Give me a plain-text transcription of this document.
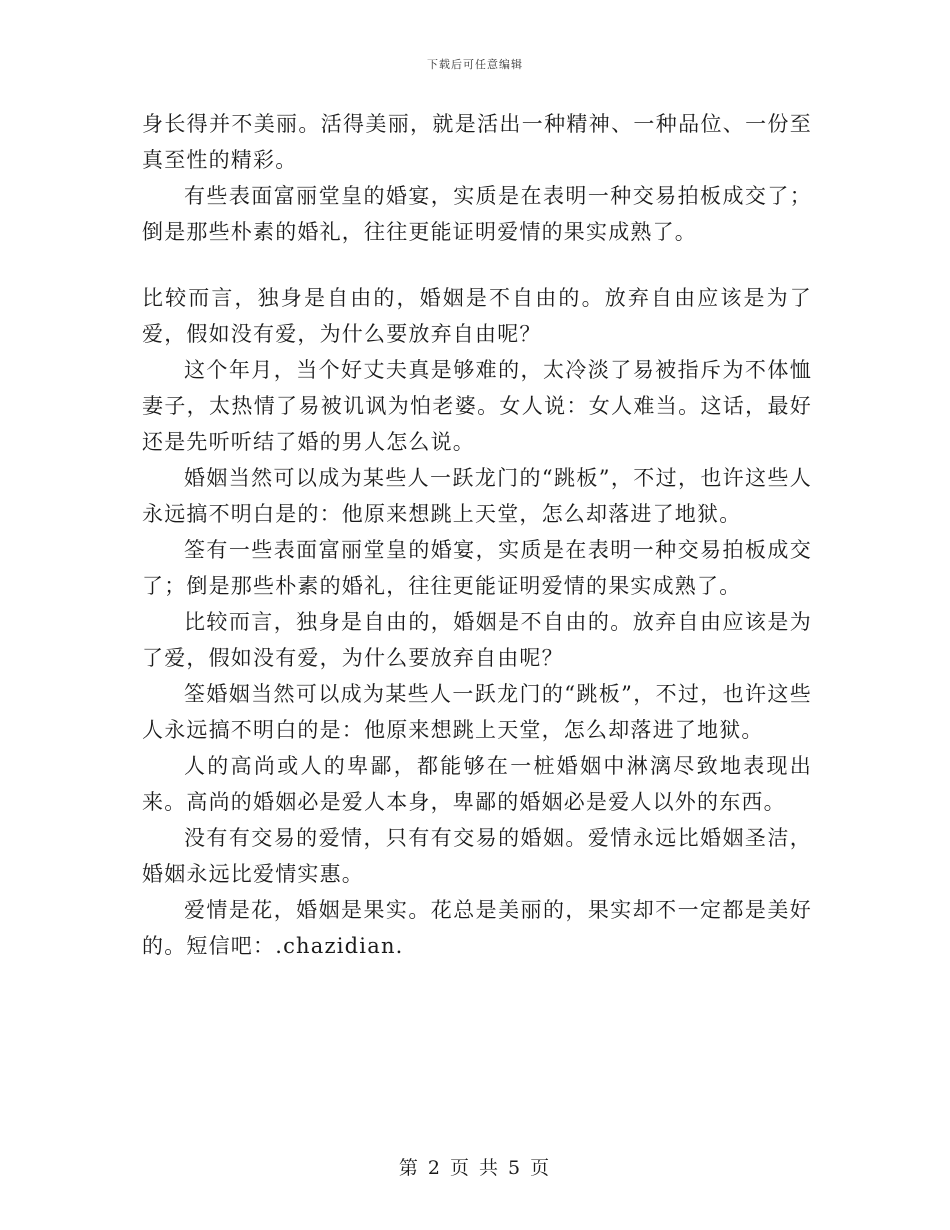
下载后可任意编辑

身长得并不美丽。活得美丽，就是活出一种精神、一种品位、一份至真至性的精彩。

有些表面富丽堂皇的婚宴，实质是在表明一种交易拍板成交了；倒是那些朴素的婚礼，往往更能证明爱情的果实成熟了。

比较而言，独身是自由的，婚姻是不自由的。放弃自由应该是为了爱，假如没有爱，为什么要放弃自由呢？

这个年月，当个好丈夫真是够难的，太冷淡了易被指斥为不体恤妻子，太热情了易被讥讽为怕老婆。女人说：女人难当。这话，最好还是先听听结了婚的男人怎么说。

婚姻当然可以成为某些人一跃龙门的“跳板”，不过，也许这些人永远搞不明白是的：他原来想跳上天堂，怎么却落进了地狱。

筌有一些表面富丽堂皇的婚宴，实质是在表明一种交易拍板成交了；倒是那些朴素的婚礼，往往更能证明爱情的果实成熟了。

比较而言，独身是自由的，婚姻是不自由的。放弃自由应该是为了爱，假如没有爱，为什么要放弃自由呢？

筌婚姻当然可以成为某些人一跃龙门的“跳板”，不过，也许这些人永远搞不明白的是：他原来想跳上天堂，怎么却落进了地狱。

人的高尚或人的卑鄙，都能够在一桩婚姻中淋漓尽致地表现出来。高尚的婚姻必是爱人本身，卑鄙的婚姻必是爱人以外的东西。

没有有交易的爱情，只有有交易的婚姻。爱情永远比婚姻圣洁，婚姻永远比爱情实惠。

爱情是花，婚姻是果实。花总是美丽的，果实却不一定都是美好的。短信吧：.chazidian.

第 2 页 共 5 页
